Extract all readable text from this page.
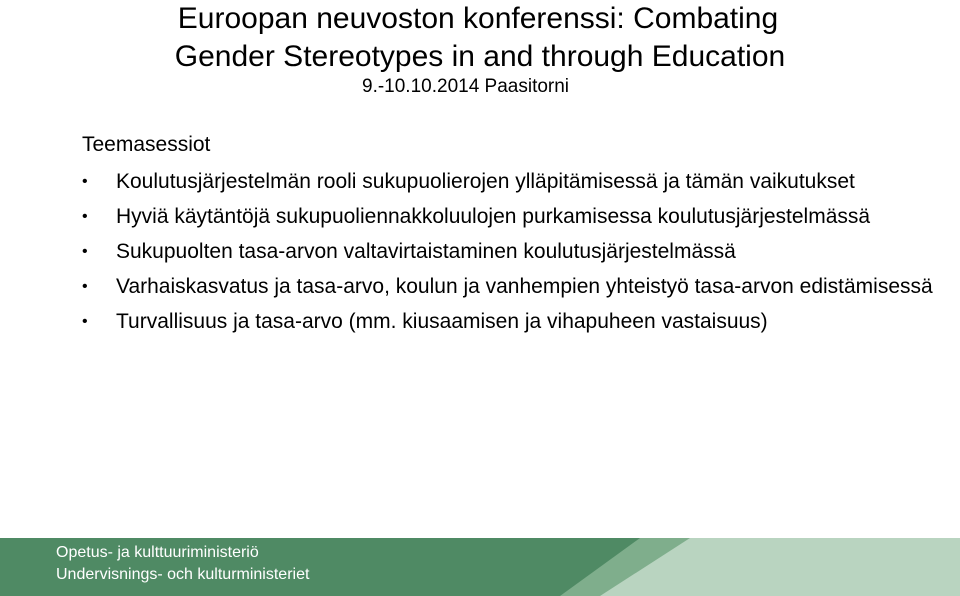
Euroopan neuvoston konferenssi: Combating
Gender Stereotypes in and through Education
9.-10.10.2014 Paasitorni
Teemasessiot
•	Koulutusjärjestelmän rooli sukupuolierojen ylläpitämisessä ja tämän vaikutukset
•	Hyviä käytäntöjä sukupuoliennakkoluulojen purkamisessa koulutusjärjestelmässä
•	Sukupuolten tasa-arvon valtavirtaistaminen koulutusjärjestelmässä
•	Varhaiskasvatus ja tasa-arvo, koulun ja vanhempien yhteistyö tasa-arvon edistämisessä
•	Turvallisuus ja tasa-arvo (mm. kiusaamisen ja vihapuheen vastaisuus)
Opetus- ja kulttuuriministeriö
Undervisnings- och kulturministeriet
